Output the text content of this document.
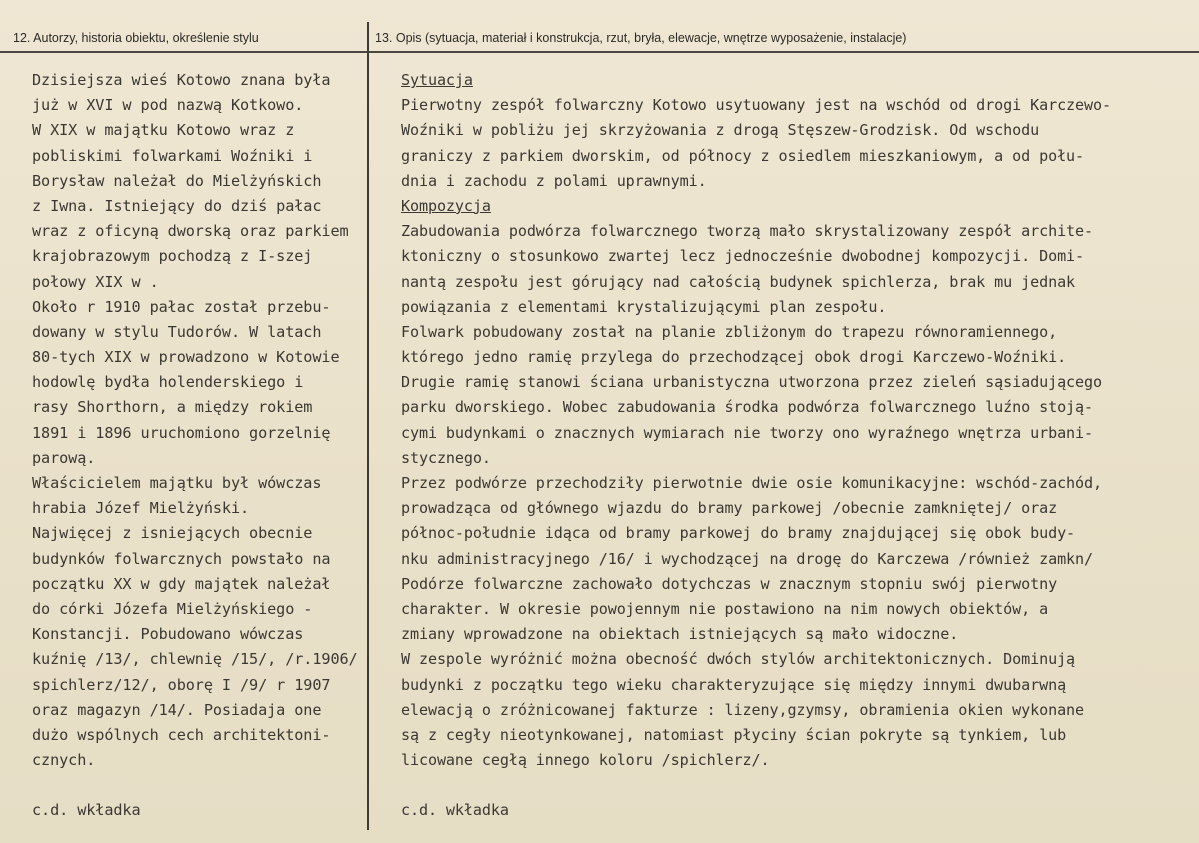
12. Autorzy, historia obiektu, określenie stylu	13. Opis (sytuacja, materiał i konstrukcja, rzut, bryła, elewacje, wnętrze wyposażenie, instalacje)
Dzisiejsza wieś Kotowo znana była
już w XVI w pod nazwą Kotkowo.
W XIX w majątku Kotowo wraz z
pobliskimi folwarkami Woźniki i
Borysław należał do Mielżyńskich
z Iwna. Istniejący do dziś pałac
wraz z oficyną dworską oraz parkiem
krajobrazowym pochodzą z I-szej
połowy XIX w .
Około r 1910 pałac został przebu-
dowany w stylu Tudorów. W latach
80-tych XIX w prowadzono w Kotowie
hodowlę bydła holenderskiego i
rasy Shorthorn, a między rokiem
1891 i 1896 uruchomiono gorzelnię
parową.
Właścicielem majątku był wówczas
hrabia Józef Mielżyński.
Najwięcej z isniejących obecnie
budynków folwarcznych powstało na
początku XX w gdy majątek należał
do córki Józefa Mielżyńskiego -
Konstancji. Pobudowano wówczas
kuźnię /13/, chlewnię /15/, /r.1906/
spichlerz/12/, oborę I /9/ r 1907
oraz magazyn /14/. Posiadaja one
dużo wspólnych cech architektoni-
cznych.
c.d. wkładka
Sytuacja
Pierwotny zespół folwarczny Kotowo usytuowany jest na wschód od drogi Karczewo-
Woźniki w pobliżu jej skrzyżowania z drogą Stęszew-Grodzisk. Od wschodu
graniczy z parkiem dworskim, od północy z osiedlem mieszkaniowym, a od połu-
dnia i zachodu z polami uprawnymi.
Kompozycja
Zabudowania podwórza folwarcznego tworzą mało skrystalizowany zespół archite-
ktoniczny o stosunkowo zwartej lecz jednocześnie dwobodnej kompozycji. Domi-
nantą zespołu jest górujący nad całością budynek spichlerza, brak mu jednak
powiązania z elementami krystalizującymi plan zespołu.
Folwark pobudowany został na planie zbliżonym do trapezu równoramiennego,
którego jedno ramię przylega do przechodzącej obok drogi Karczewo-Woźniki.
Drugie ramię stanowi ściana urbanistyczna utworzona przez zieleń sąsiadującego
parku dworskiego. Wobec zabudowania środka podwórza folwarcznego luźno stoją-
cymi budynkami o znacznych wymiarach nie tworzy ono wyraźnego wnętrza urbani-
stycznego.
Przez podwórze przechodziły pierwotnie dwie osie komunikacyjne: wschód-zachód,
prowadząca od głównego wjazdu do bramy parkowej /obecnie zamkniętej/ oraz
północ-południe idąca od bramy parkowej do bramy znajdującej się obok budy-
nku administracyjnego /16/ i wychodzącej na drogę do Karczewa /również zamkn/
Podórze folwarczne zachowało dotychczas w znacznym stopniu swój pierwotny
charakter. W okresie powojennym nie postawiono na nim nowych obiektów, a
zmiany wprowadzone na obiektach istniejących są mało widoczne.
W zespole wyróżnić można obecność dwóch stylów architektonicznych. Dominują
budynki z początku tego wieku charakteryzujące się między innymi dwubarwną
elewacją o zróżnicowanej fakturze : lizeny,gzymsy, obramienia okien wykonane
są z cegły nieotynkowanej, natomiast płyciny ścian pokryte są tynkiem, lub
licowane cegłą innego koloru /spichlerz/.
c.d. wkładka
